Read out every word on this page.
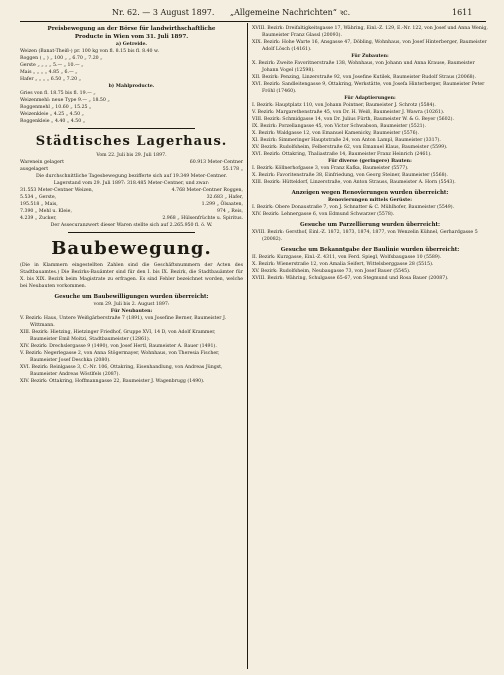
Nr. 62. — 3 August 1897. „Allgemeine Nachrichten“ ꝛc.	1611
Preisbewegung an der Börse für landwirthschaftliche
Producte in Wien vom 31. Juli 1897.
a) Getreide.
Weizen (Banat-Theiß-) pr. 100 kg von fl. 8.15 bis fl. 8.40 w.
Roggen ( „ ) „ 100 „ „ 6.70 „ 7.20 „
Gerste „ „ „ „ 5.— „ 10.— „
Mais „ „ „ „ 4.85 „ 6.— „
Hafer „ „ „ „ 6.50 „ 7.20 „
b) Mahlproducte.
Gries von fl. 18.75 bis fl. 19.— „
Weizenmehl: neue Type 9.— „ 18.50 „
Roggenmehl „ 10.60 „ 15.25 „
Weizenkleie „ 4.25 „ 4.50 „
Roggenkleie „ 4.40 „ 4.50 „
Städtisches Lagerhaus.
Vom 22. Juli bis 29. Juli 1897.
Warenein gelagert	60.913 Meter-Centner
ausgelagert	55.178 „
Die durchschnittliche Tagesbewegung bezifferte sich auf 19.349 Meter-Centner.
Lagerstand vom 29. Juli 1897: 318.485 Meter-Centner, und zwar:
31.553 Meter-Centner Weizen,	4.768 Meter-Centner Roggen,
5.534 „ Gerste,	32.683 „ Hafer,
195.518 „ Mais,	1.299 „ Ölsaaten,
7.390 „ Mehl u. Kleie,	974 „ Reis,
4.239 „ Zucker,	2.968 „ Hülsenfrüchte u. Spiritus.
Der Assecuranzwert dieser Waren stellte sich auf 2.265.950 fl. ö. W.
Baubewegung.
(Die in Klammern eingestellten Zahlen sind die Geschäftsnummern der Acten des Stadtbauamtes.) Die Bezirks-Bauämter sind für den I. bis IX. Bezirk, die Stadtbauämter für X. bis XIX. Bezirk beim Magistrate zu erfragen. Es sind Fehler bezeichnet worden, welche bei Neubauten vorkommen.
Gesuche um Baubewilligungen wurden überreicht:
vom 29. Juli bis 2. August 1897:
Für Neubauten:
V. Bezirk: Haus, Untere Weißgärberstraße 7 (1891), von Josefine Berner, Baumeister J. Wittmann.
XIII. Bezirk: Hietzing, Hietzinger Friedhof, Gruppe XVI, 14 D, von Adolf Krammer, Baumeister Emil Moitzi, Stadtbaumeister (12861).
XIV. Bezirk: Drechslergasse 9 (1490), von Josef Hertl, Baumeister A. Bauer (1491).
V. Bezirk: Negerlegasse 2, von Anna Stögermayer, Wohnhaus, von Theresia Fischer, Baumeister Josef Deschka (2080).
XVI. Bezirk: Reinlgasse 3, C.-Nr. 106, Ottakring, Eisenhandlung, von Andreas Jüngst, Baumeister Andreas Wöstlfels (2087).
XIV. Bezirk: Ottakring, Hoffmanngasse 22, Baumeister J. Wagenbrugg (1490).
XVIII. Bezirk: Dreifaltigkeitsgasse 17, Währing, Einl.-Z. 129, E.-Nr. 122, von Josef und Anna Wenig, Baumeister Franz Glassl (20093).
XIX. Bezirk: Hohe Warte 16, Ansgasse 47, Döbling, Wohnhaus, von Josef Hinterberger, Baumeister Adolf Lösch (14161).
Für Zubauten:
X. Bezirk: Zweite Favoritnerstraße 138, Wohnhaus, von Johann und Anna Krause, Baumeister Johann Vogel (12598).
XII. Bezirk: Penzing, Linzerstraße 92, von Josefine Kutilek, Baumeister Rudolf Straus (20068).
XVI. Bezirk: Sandleitengasse 9, Ottakring, Werkstätte, von Josefa Hinterberger, Baumeister Peter Fröhl (17460).
Für Adaptierungen:
I. Bezirk: Hauptplatz 110, von Johann Pointner, Baumeister J. Schrotz (5584).
V. Bezirk: Margarethenstraße 45, von Dr. H. Weiß, Baumeister J. Wawra (10261).
VIII. Bezirk: Schmidgasse 14, von Dr. Julius Fürth, Baumeister W. & G. Beyer (5602).
IX. Bezirk: Porzellangasse 45, von Victor Schwabson, Baumeister (5521).
X. Bezirk: Waldgasse 12, von Emanuel Kamenicky, Baumeister (5576).
XI. Bezirk: Simmeringer Hauptstraße 24, von Anton Lampl, Baumeister (3317).
XV. Bezirk: Rudolfsheim, Felberstraße 62, von Emanuel Klaus, Baumeister (5599).
XVI. Bezirk: Ottakring, Thaliastraße 14, Baumeister Franz Heinrich (2461).
Für diverse (geringere) Bauten:
I. Bezirk: Köllnerhofgasse 3, von Franz Kafka, Baumeister (5577).
X. Bezirk: Favoritenstraße 38, Einfriedung, von Georg Steiner, Baumeister (5568).
XIII. Bezirk: Hütteldorf, Linzerstraße, von Anton Strauss, Baumeister A. Horn (5543).
Anzeigen wegen Renovierungen wurden überreicht:
Renovierungen mittels Gerüste:
I. Bezirk: Obere Donaustraße 7, von J. Schnatter & C. Mühlhofer, Baumeister (5549).
XIV. Bezirk: Lehnergasse 6, von Edmund Schwarzer (5578).
Gesuche um Parzellierung wurden überreicht:
XVIII. Bezirk: Gersthof, Einl.-Z. 1872, 1873, 1874, 1877, von Wenzelin Kühnel, Gerhardgasse 5 (20082).
Gesuche um Bekanntgabe der Baulinie wurden überreicht:
II. Bezirk: Kurzgasse, Einl.-Z. 4311, von Ferd. Spiegl, Wolfsbaugasse 10 (5589).
X. Bezirk: Wienerstraße 12, von Amalia Seifert, Wittelsberggasse 28 (5515).
XV. Bezirk: Rudolfsheim, Neubaugasse 73, von Josef Bauer (5545).
XVIII. Bezirk: Währing, Schulgasse 65-67, von Stegmund und Rosa Bauer (20087).
